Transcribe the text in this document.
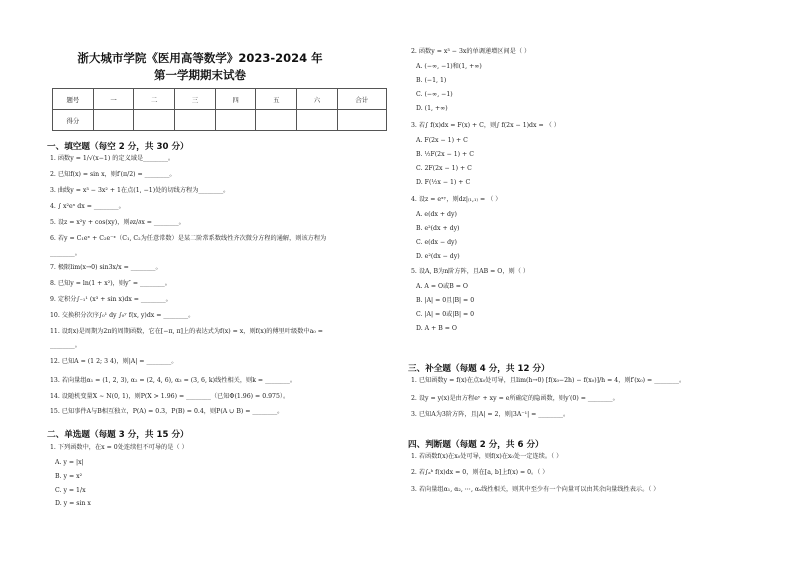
浙大城市学院《医用高等数学》2023-2024 年
第一学期期末试卷
题号	一	二	三	四	五	六	合计
得分							
一、填空题（每空 2 分，共 30 分）
1. 函数y = 1/√(x−1) 的定义域是________。
2. 已知f(x) = sin x，则f′(π/2) = ________。
3. 曲线y = x³ − 3x² + 1在点(1, −1)处的切线方程为________。
4. ∫ x²eˣ dx = ________。
5. 设z = x²y + cos(xy)，则∂z/∂x = ________。
6. 若y = C₁eˣ + C₂e⁻ˣ（C₁, C₂为任意常数）是某二阶常系数线性齐次微分方程的通解，则该方程为
________。
7. 极限lim(x→0) sin3x/x = ________。
8. 已知y = ln(1 + x²)，则y″ = ________。
9. 定积分∫₋₁¹ (x³ + sin x)dx = ________。
10. 交换积分次序∫₀¹ dy ∫₀ʸ f(x, y)dx = ________。
11. 设f(x)是周期为2π的周期函数，它在[−π, π]上的表达式为f(x) = x，则f(x)的傅里叶级数中a₀ =
________。
12. 已知A = (1 2; 3 4)，则|A| = ________。
13. 若向量组α₁ = (1, 2, 3), α₂ = (2, 4, 6), α₃ = (3, 6, k)线性相关，则k = ________。
14. 设随机变量X ∼ N(0, 1)，则P(X > 1.96) = ________（已知Φ(1.96) = 0.975）。
15. 已知事件A与B相互独立，P(A) = 0.3，P(B) = 0.4，则P(A ∪ B) = ________。
二、单选题（每题 3 分，共 15 分）
1. 下列函数中，在x = 0处连续但不可导的是（ ）
A. y = |x|
B. y = x²
C. y = 1/x
D. y = sin x
2. 函数y = x³ − 3x的单调递增区间是（ ）
A. (−∞, −1)和(1, +∞)
B. (−1, 1)
C. (−∞, −1)
D. (1, +∞)
3. 若∫ f(x)dx = F(x) + C，则∫ f(2x − 1)dx = （ ）
A. F(2x − 1) + C
B. ½F(2x − 1) + C
C. 2F(2x − 1) + C
D. F(½x − 1) + C
4. 设z = eˣʸ，则dz|₍₁,₁₎ = （ ）
A. e(dx + dy)
B. e²(dx + dy)
C. e(dx − dy)
D. e²(dx − dy)
5. 设A, B为n阶方阵，且AB = O，则（ ）
A. A = O或B = O
B. |A| = 0且|B| = 0
C. |A| = 0或|B| = 0
D. A + B = O
三、补全题（每题 4 分，共 12 分）
1. 已知函数y = f(x)在点x₀处可导，且lim(h→0) [f(x₀−2h) − f(x₀)]/h = 4，则f′(x₀) = ________。
2. 设y = y(x)是由方程eʸ + xy = e所确定的隐函数，则y′(0) = ________。
3. 已知A为3阶方阵，且|A| = 2，则|3A⁻¹| = ________。
四、判断题（每题 2 分，共 6 分）
1. 若函数f(x)在x₀处可导，则f(x)在x₀处一定连续。（ ）
2. 若∫ₐᵇ f(x)dx = 0，则在[a, b]上f(x) = 0。（ ）
3. 若向量组α₁, α₂, ⋯, αₛ线性相关，则其中至少有一个向量可以由其余向量线性表示。（ ）
